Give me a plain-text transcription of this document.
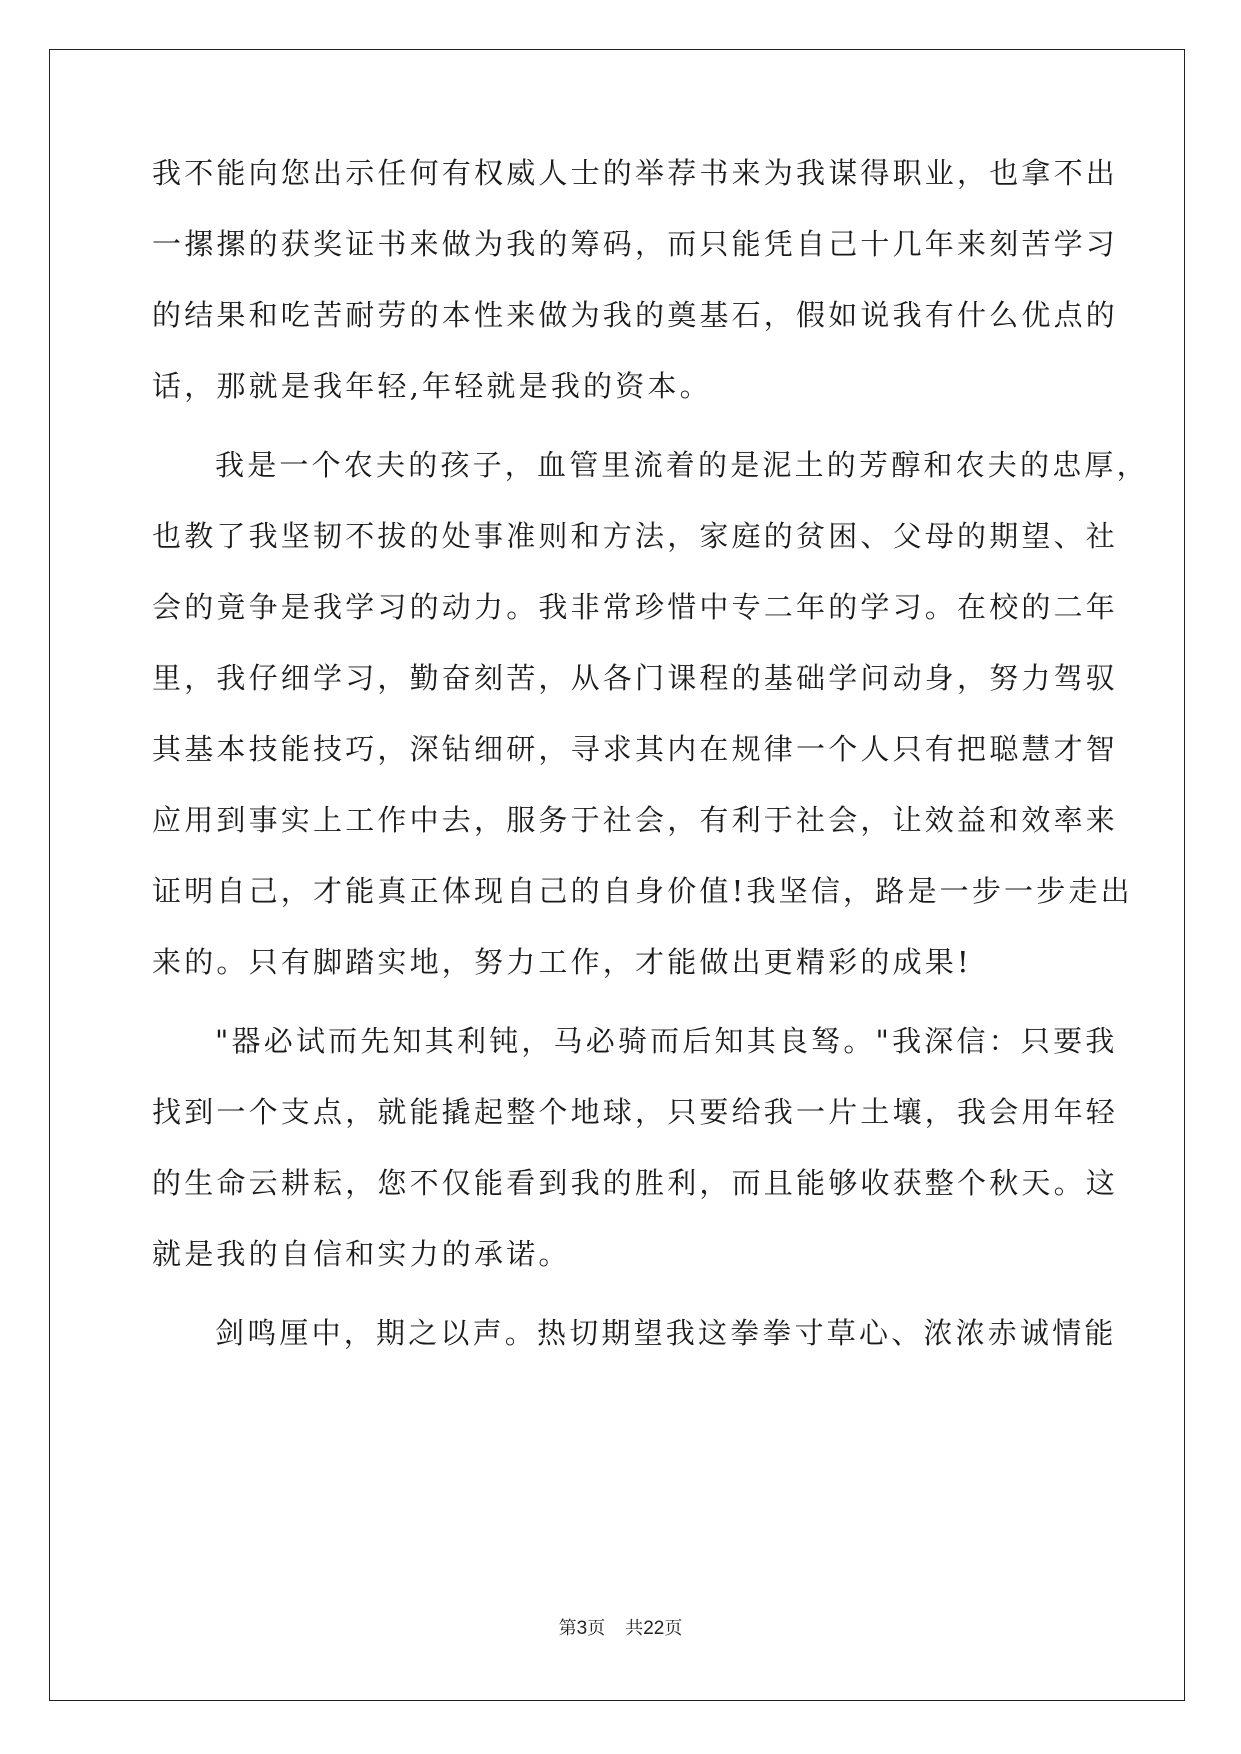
我不能向您出示任何有权威人士的举荐书来为我谋得职业，也拿不出
一摞摞的获奖证书来做为我的筹码，而只能凭自己十几年来刻苦学习
的结果和吃苦耐劳的本性来做为我的奠基石，假如说我有什么优点的
话，那就是我年轻,年轻就是我的资本。
我是一个农夫的孩子，血管里流着的是泥土的芳醇和农夫的忠厚，
也教了我坚韧不拔的处事准则和方法，家庭的贫困、父母的期望、社
会的竟争是我学习的动力。我非常珍惜中专二年的学习。在校的二年
里，我仔细学习，勤奋刻苦，从各门课程的基础学问动身，努力驾驭
其基本技能技巧，深钻细研，寻求其内在规律一个人只有把聪慧才智
应用到事实上工作中去，服务于社会，有利于社会，让效益和效率来
证明自己，才能真正体现自己的自身价值!我坚信，路是一步一步走出
来的。只有脚踏实地，努力工作，才能做出更精彩的成果!
"器必试而先知其利钝，马必骑而后知其良驽。"我深信：只要我
找到一个支点，就能撬起整个地球，只要给我一片土壤，我会用年轻
的生命云耕耘，您不仅能看到我的胜利，而且能够收获整个秋天。这
就是我的自信和实力的承诺。
剑鸣厘中，期之以声。热切期望我这拳拳寸草心、浓浓赤诚情能
第3页 共22页
